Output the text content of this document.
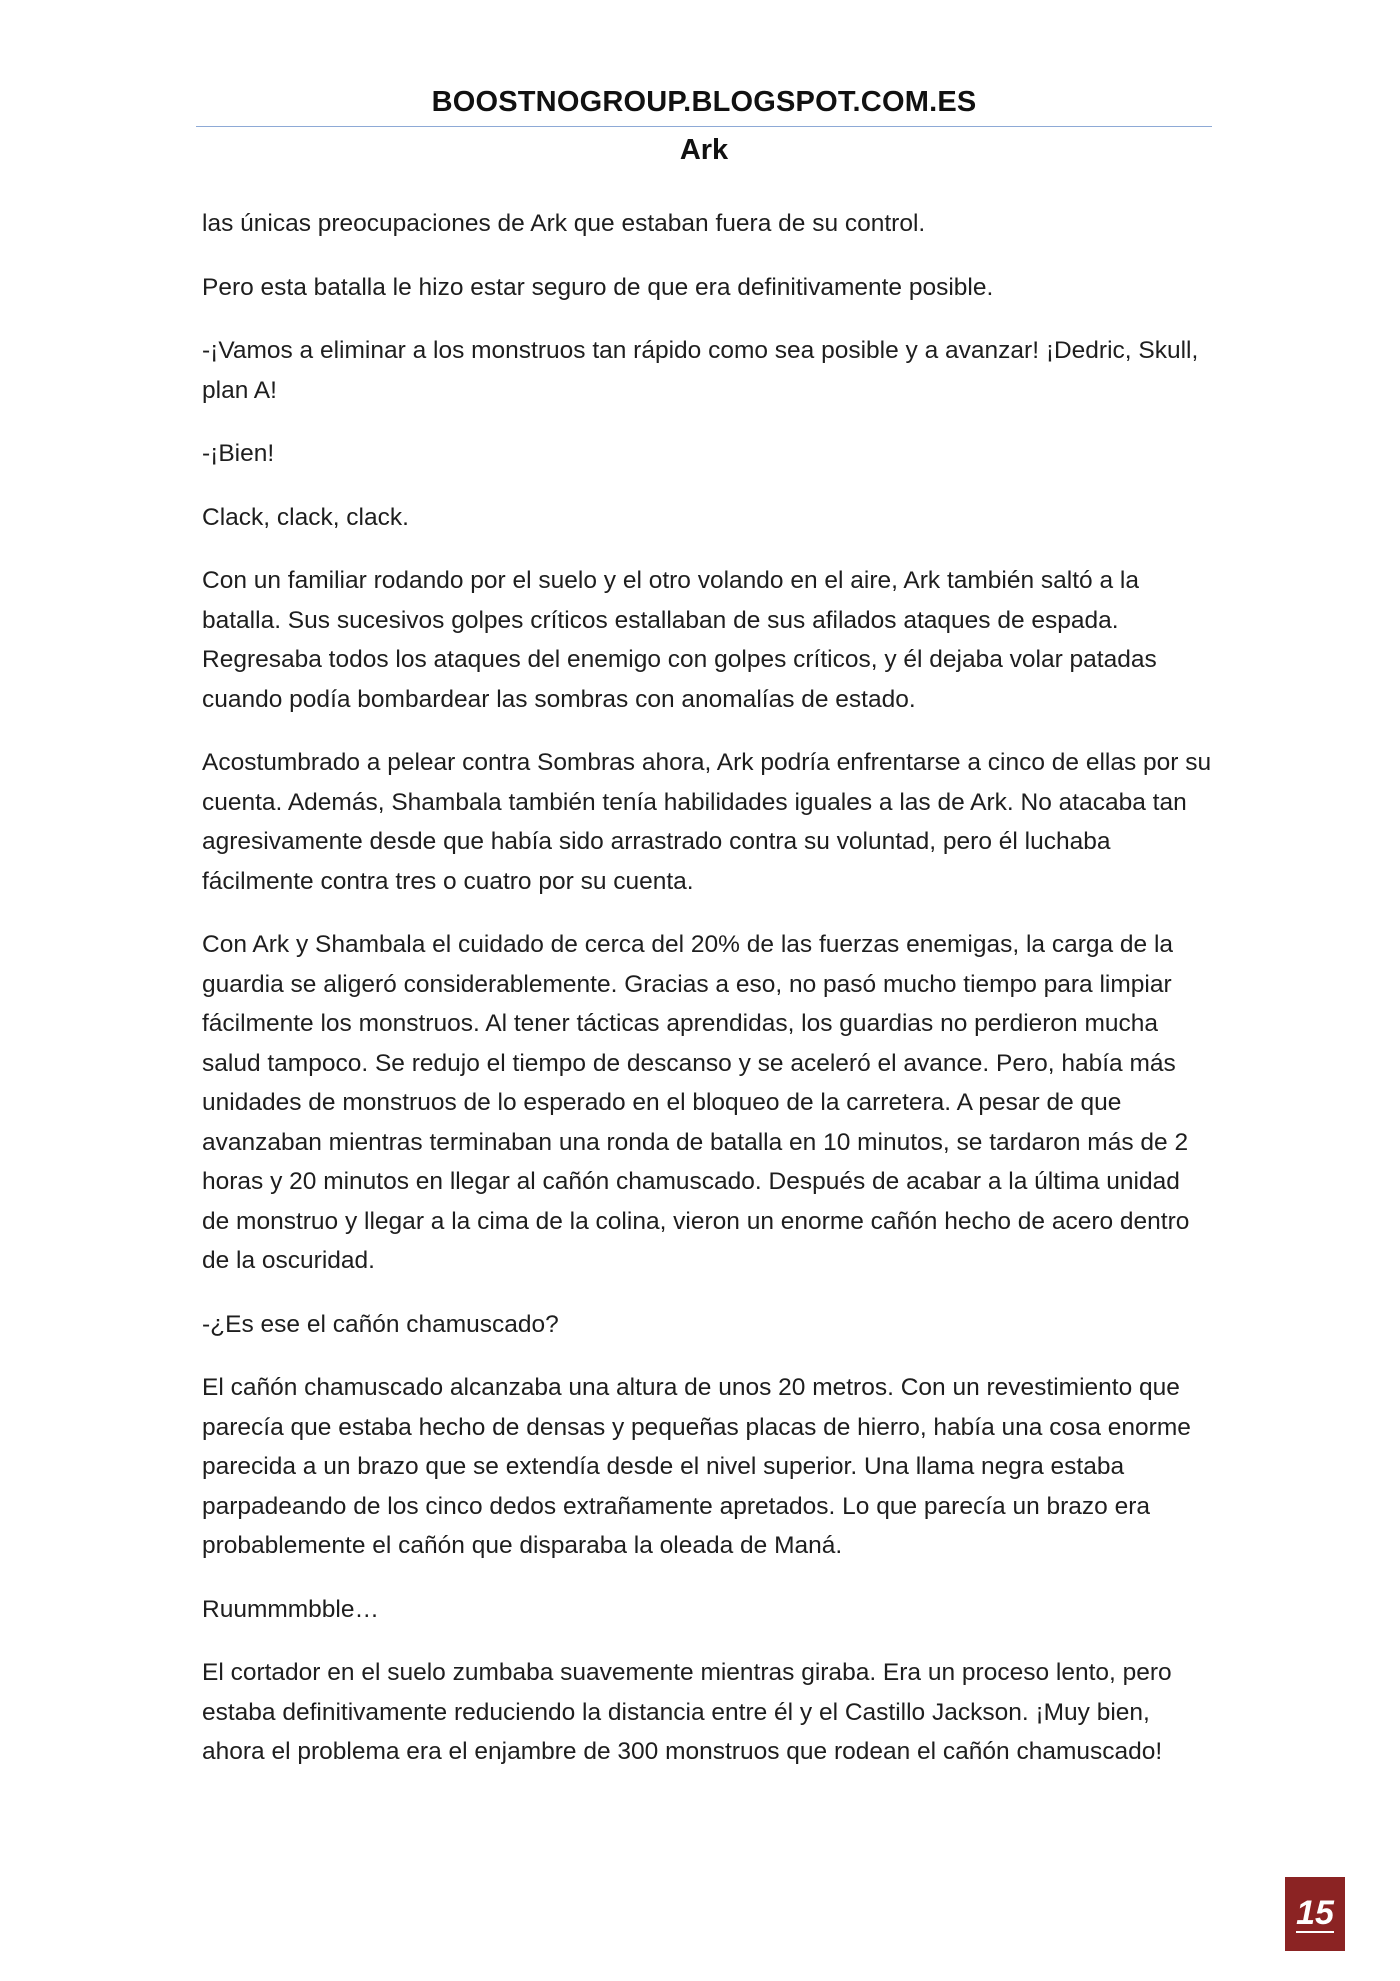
BOOSTNOGROUP.BLOGSPOT.COM.ES
Ark

las únicas preocupaciones de Ark que estaban fuera de su control.

Pero esta batalla le hizo estar seguro de que era definitivamente posible.

-¡Vamos a eliminar a los monstruos tan rápido como sea posible y a avanzar! ¡Dedric, Skull, plan A!

-¡Bien!

Clack, clack, clack.

Con un familiar rodando por el suelo y el otro volando en el aire, Ark también saltó a la batalla. Sus sucesivos golpes críticos estallaban de sus afilados ataques de espada. Regresaba todos los ataques del enemigo con golpes críticos, y él dejaba volar patadas cuando podía bombardear las sombras con anomalías de estado.

Acostumbrado a pelear contra Sombras ahora, Ark podría enfrentarse a cinco de ellas por su cuenta. Además, Shambala también tenía habilidades iguales a las de Ark. No atacaba tan agresivamente desde que había sido arrastrado contra su voluntad, pero él luchaba fácilmente contra tres o cuatro por su cuenta.

Con Ark y Shambala el cuidado de cerca del 20% de las fuerzas enemigas, la carga de la guardia se aligeró considerablemente. Gracias a eso, no pasó mucho tiempo para limpiar fácilmente los monstruos. Al tener tácticas aprendidas, los guardias no perdieron mucha salud tampoco. Se redujo el tiempo de descanso y se aceleró el avance. Pero, había más unidades de monstruos de lo esperado en el bloqueo de la carretera. A pesar de que avanzaban mientras terminaban una ronda de batalla en 10 minutos, se tardaron más de 2 horas y 20 minutos en llegar al cañón chamuscado. Después de acabar a la última unidad de monstruo y llegar a la cima de la colina, vieron un enorme cañón hecho de acero dentro de la oscuridad.

-¿Es ese el cañón chamuscado?

El cañón chamuscado alcanzaba una altura de unos 20 metros. Con un revestimiento que parecía que estaba hecho de densas y pequeñas placas de hierro, había una cosa enorme parecida a un brazo que se extendía desde el nivel superior. Una llama negra estaba parpadeando de los cinco dedos extrañamente apretados. Lo que parecía un brazo era probablemente el cañón que disparaba la oleada de Maná.

Ruummmbble…

El cortador en el suelo zumbaba suavemente mientras giraba. Era un proceso lento, pero estaba definitivamente reduciendo la distancia entre él y el Castillo Jackson. ¡Muy bien, ahora el problema era el enjambre de 300 monstruos que rodean el cañón chamuscado!

15
